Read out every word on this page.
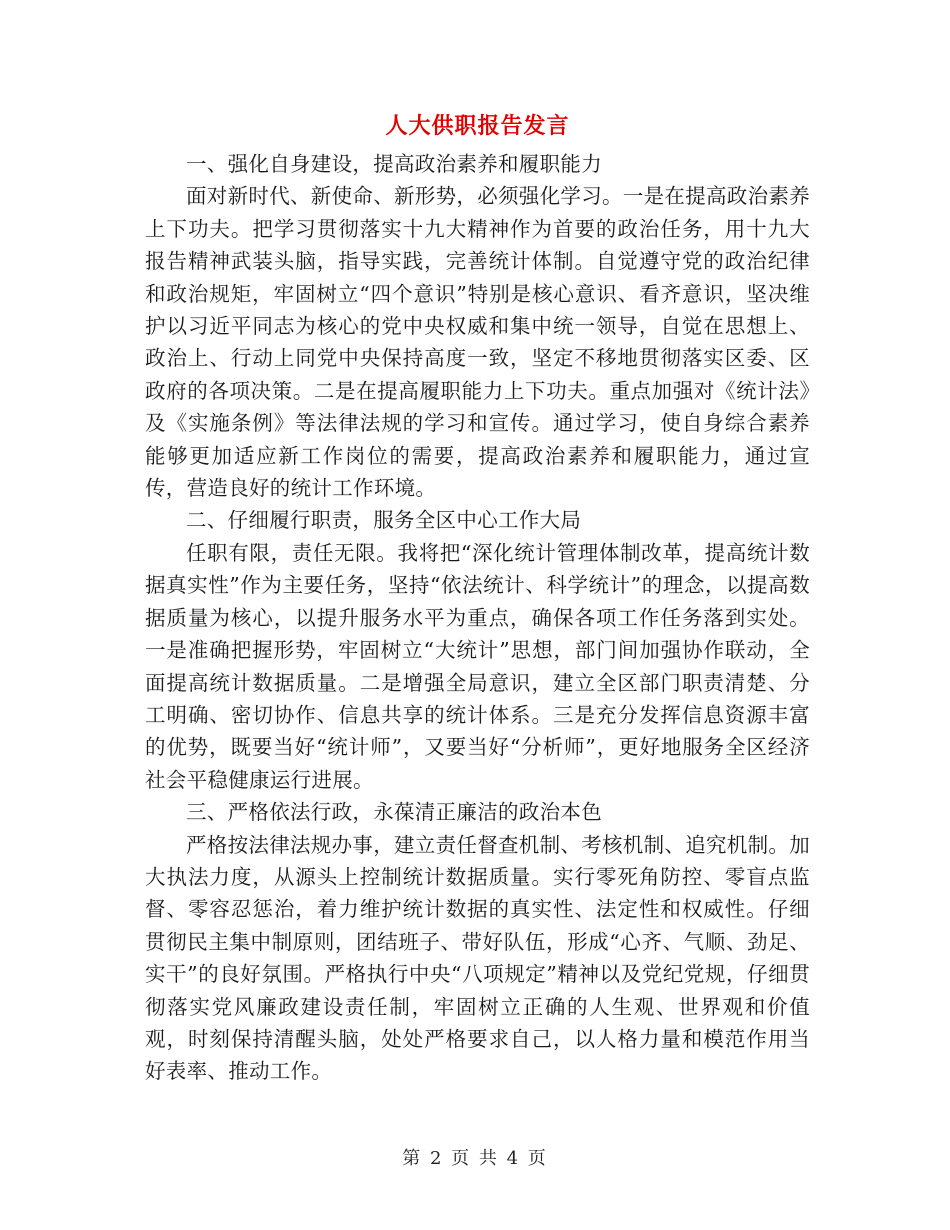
人大供职报告发言

一、强化自身建设，提高政治素养和履职能力

面对新时代、新使命、新形势，必须强化学习。一是在提高政治素养上下功夫。把学习贯彻落实十九大精神作为首要的政治任务，用十九大报告精神武装头脑，指导实践，完善统计体制。自觉遵守党的政治纪律和政治规矩，牢固树立“四个意识”特别是核心意识、看齐意识，坚决维护以习近平同志为核心的党中央权威和集中统一领导，自觉在思想上、政治上、行动上同党中央保持高度一致，坚定不移地贯彻落实区委、区政府的各项决策。二是在提高履职能力上下功夫。重点加强对《统计法》及《实施条例》等法律法规的学习和宣传。通过学习，使自身综合素养能够更加适应新工作岗位的需要，提高政治素养和履职能力，通过宣传，营造良好的统计工作环境。

二、仔细履行职责，服务全区中心工作大局

任职有限，责任无限。我将把“深化统计管理体制改革，提高统计数据真实性”作为主要任务，坚持“依法统计、科学统计”的理念，以提高数据质量为核心，以提升服务水平为重点，确保各项工作任务落到实处。一是准确把握形势，牢固树立“大统计”思想，部门间加强协作联动，全面提高统计数据质量。二是增强全局意识，建立全区部门职责清楚、分工明确、密切协作、信息共享的统计体系。三是充分发挥信息资源丰富的优势，既要当好“统计师”，又要当好“分析师”，更好地服务全区经济社会平稳健康运行进展。

三、严格依法行政，永葆清正廉洁的政治本色

严格按法律法规办事，建立责任督查机制、考核机制、追究机制。加大执法力度，从源头上控制统计数据质量。实行零死角防控、零盲点监督、零容忍惩治，着力维护统计数据的真实性、法定性和权威性。仔细贯彻民主集中制原则，团结班子、带好队伍，形成“心齐、气顺、劲足、实干”的良好氛围。严格执行中央“八项规定”精神以及党纪党规，仔细贯彻落实党风廉政建设责任制，牢固树立正确的人生观、世界观和价值观，时刻保持清醒头脑，处处严格要求自己，以人格力量和模范作用当好表率、推动工作。

第 2 页 共 4 页
